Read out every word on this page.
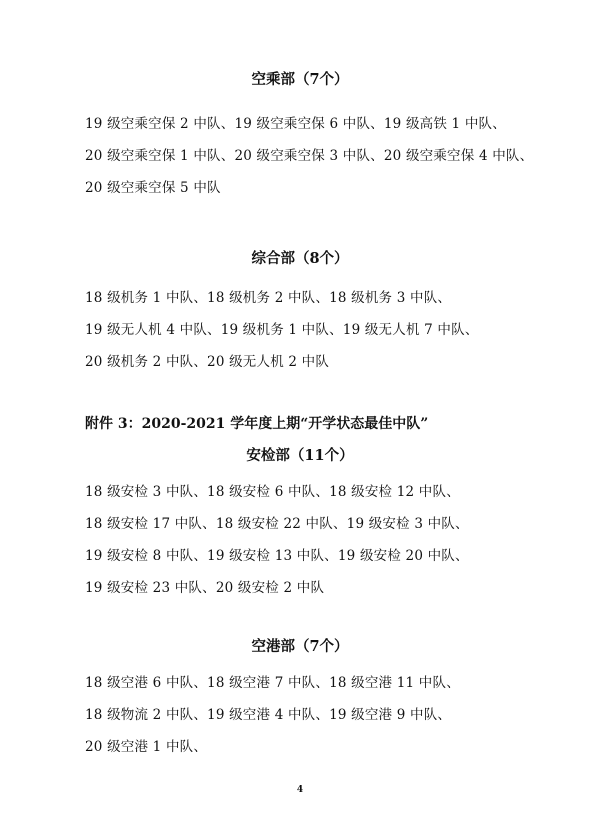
空乘部（7个）
19 级空乘空保 2 中队、19 级空乘空保 6 中队、19 级高铁 1 中队、
20 级空乘空保 1 中队、20 级空乘空保 3 中队、20 级空乘空保 4 中队、
20 级空乘空保 5 中队
综合部（8个）
18 级机务 1 中队、18 级机务 2 中队、18 级机务 3 中队、
19 级无人机 4 中队、19 级机务 1 中队、19 级无人机 7 中队、
20 级机务 2 中队、20 级无人机 2 中队
附件 3：2020-2021 学年度上期“开学状态最佳中队”
安检部（11个）
18 级安检 3 中队、18 级安检 6 中队、18 级安检 12 中队、
18 级安检 17 中队、18 级安检 22 中队、19 级安检 3 中队、
19 级安检 8 中队、19 级安检 13 中队、19 级安检 20 中队、
19 级安检 23 中队、20 级安检 2 中队
空港部（7个）
18 级空港 6 中队、18 级空港 7 中队、18 级空港 11 中队、
18 级物流 2 中队、19 级空港 4 中队、19 级空港 9 中队、
20 级空港 1 中队、
4
